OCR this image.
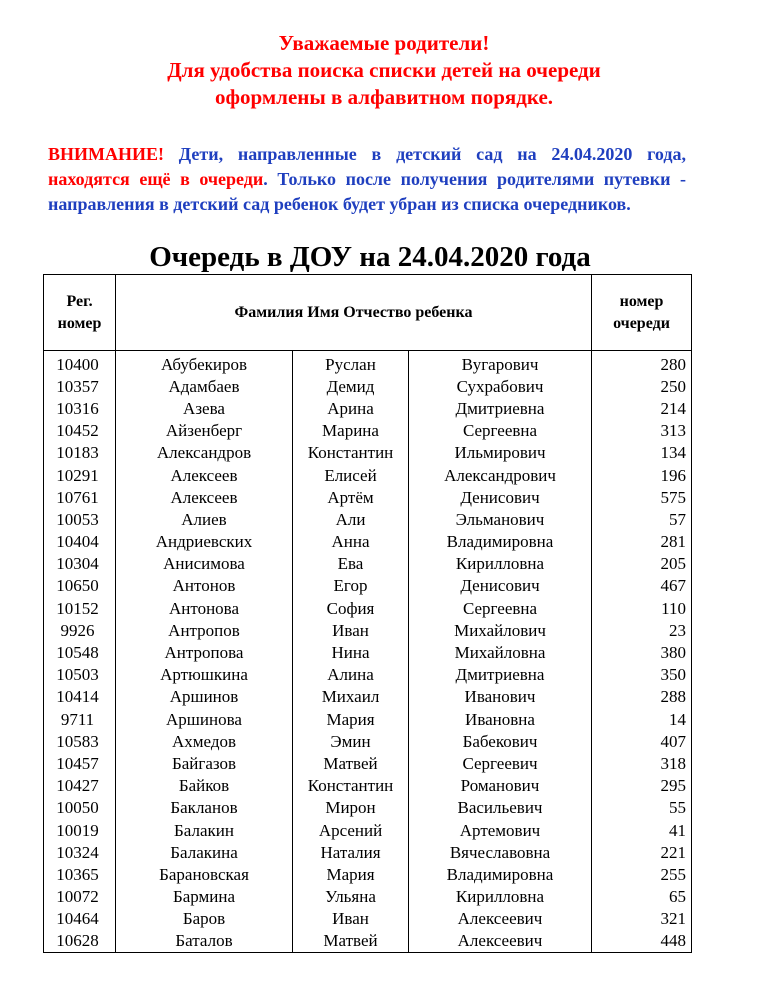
Уважаемые родители!
Для удобства поиска списки детей на очереди
оформлены в алфавитном порядке.
ВНИМАНИЕ! Дети, направленные в детский сад на 24.04.2020 года, находятся ещё в очереди. Только после получения родителями путевки - направления в детский сад ребенок будет убран из списка очередников.
Очередь в ДОУ на 24.04.2020 года
Рег. номер	Фамилия Имя Отчество ребенка			номер очереди
10400	Абубекиров	Руслан	Вугарович	280
10357	Адамбаев	Демид	Сухрабович	250
10316	Азева	Арина	Дмитриевна	214
10452	Айзенберг	Марина	Сергеевна	313
10183	Александров	Константин	Ильмирович	134
10291	Алексеев	Елисей	Александрович	196
10761	Алексеев	Артём	Денисович	575
10053	Алиев	Али	Эльманович	57
10404	Андриевских	Анна	Владимировна	281
10304	Анисимова	Ева	Кирилловна	205
10650	Антонов	Егор	Денисович	467
10152	Антонова	София	Сергеевна	110
9926	Антропов	Иван	Михайлович	23
10548	Антропова	Нина	Михайловна	380
10503	Артюшкина	Алина	Дмитриевна	350
10414	Аршинов	Михаил	Иванович	288
9711	Аршинова	Мария	Ивановна	14
10583	Ахмедов	Эмин	Бабекович	407
10457	Байгазов	Матвей	Сергеевич	318
10427	Байков	Константин	Романович	295
10050	Бакланов	Мирон	Васильевич	55
10019	Балакин	Арсений	Артемович	41
10324	Балакина	Наталия	Вячеславовна	221
10365	Барановская	Мария	Владимировна	255
10072	Бармина	Ульяна	Кирилловна	65
10464	Баров	Иван	Алексеевич	321
10628	Баталов	Матвей	Алексеевич	448
